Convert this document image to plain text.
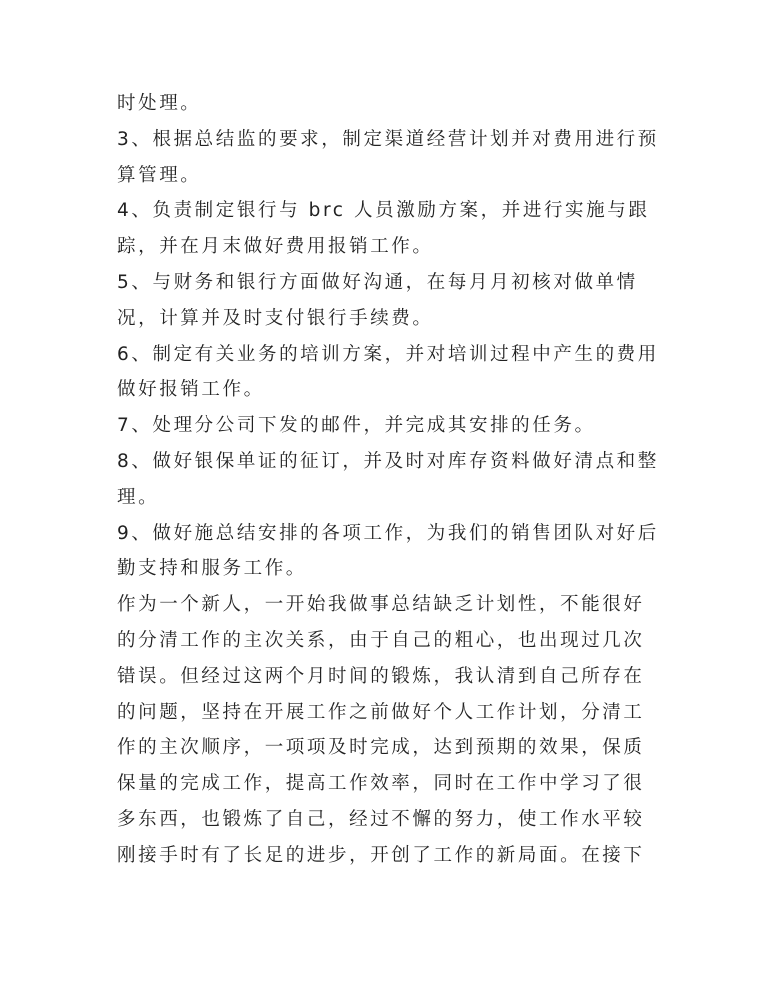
时处理。
3、根据总结监的要求，制定渠道经营计划并对费用进行预
算管理。
4、负责制定银行与 brc 人员激励方案，并进行实施与跟
踪，并在月末做好费用报销工作。
5、与财务和银行方面做好沟通，在每月月初核对做单情
况，计算并及时支付银行手续费。
6、制定有关业务的培训方案，并对培训过程中产生的费用
做好报销工作。
7、处理分公司下发的邮件，并完成其安排的任务。
8、做好银保单证的征订，并及时对库存资料做好清点和整
理。
9、做好施总结安排的各项工作，为我们的销售团队对好后
勤支持和服务工作。
作为一个新人，一开始我做事总结缺乏计划性，不能很好
的分清工作的主次关系，由于自己的粗心，也出现过几次
错误。但经过这两个月时间的锻炼，我认清到自己所存在
的问题，坚持在开展工作之前做好个人工作计划，分清工
作的主次顺序，一项项及时完成，达到预期的效果，保质
保量的完成工作，提高工作效率，同时在工作中学习了很
多东西，也锻炼了自己，经过不懈的努力，使工作水平较
刚接手时有了长足的进步，开创了工作的新局面。在接下
